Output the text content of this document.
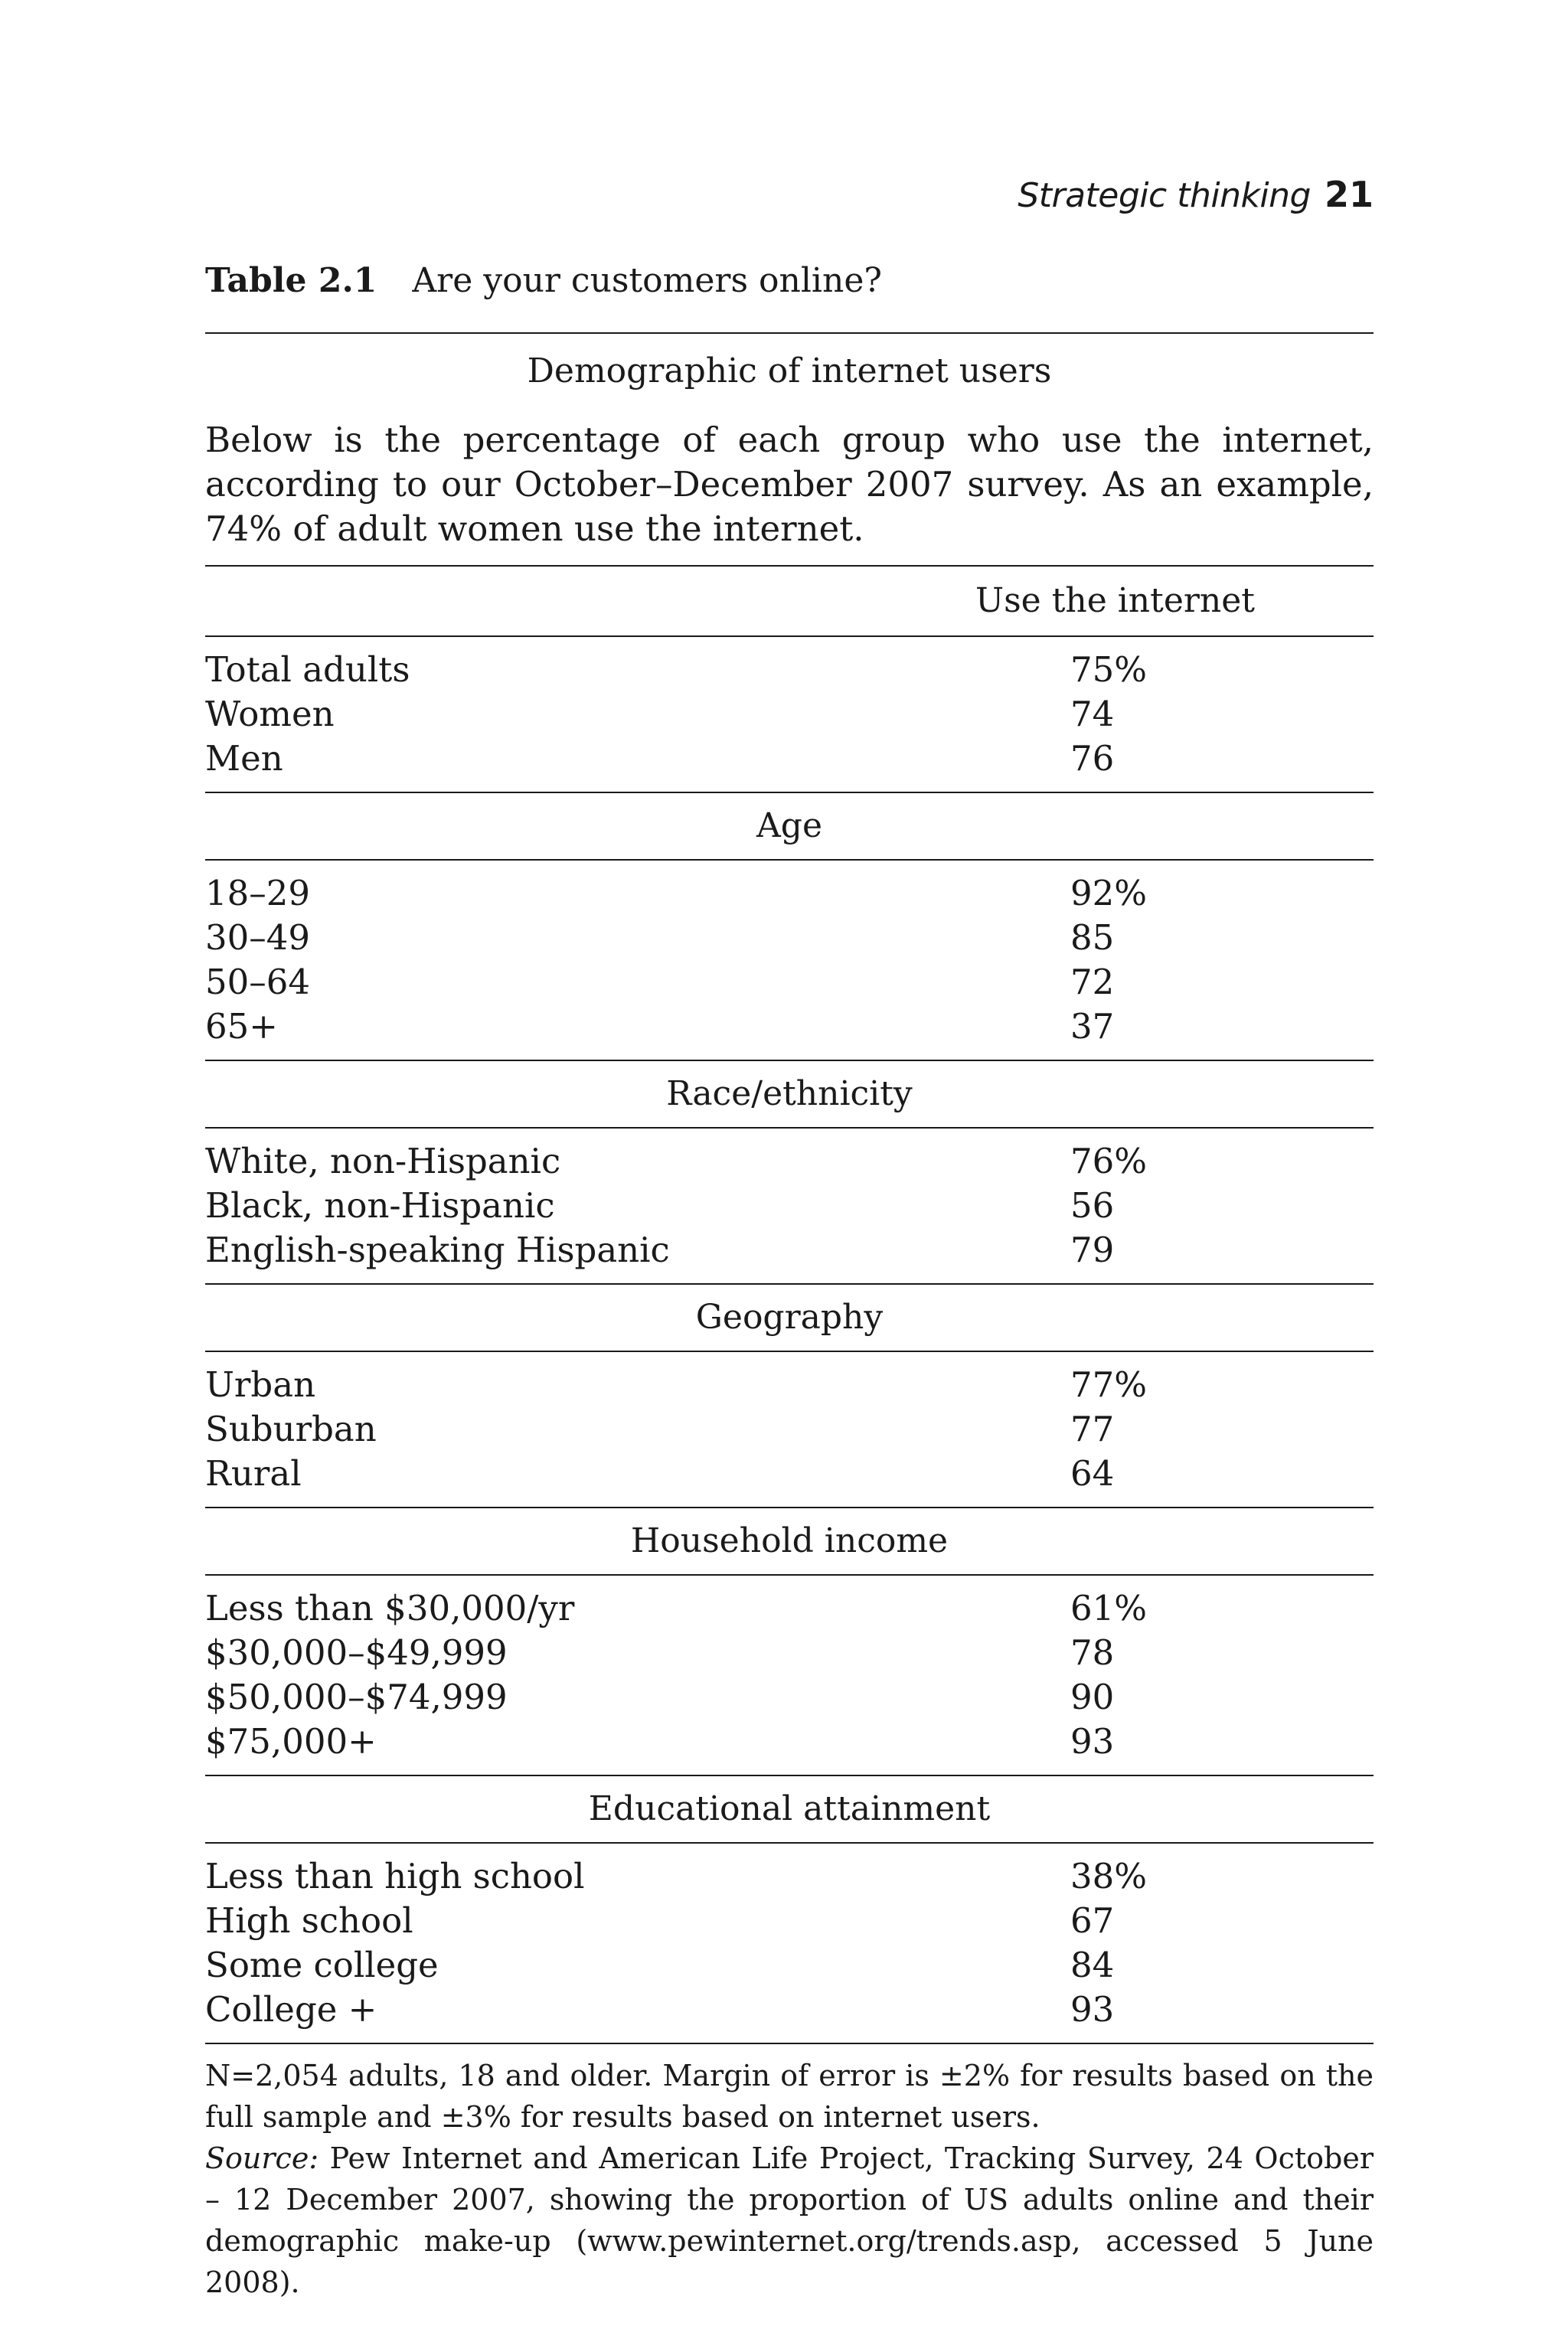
Strategic thinking 21
Table 2.1 Are your customers online?
Demographic of internet users
Below is the percentage of each group who use the internet, according to our October–December 2007 survey. As an example, 74% of adult women use the internet.
Use the internet
Total adults	75%
Women	74
Men	76
Age
18–29	92%
30–49	85
50–64	72
65+	37
Race/ethnicity
White, non-Hispanic	76%
Black, non-Hispanic	56
English-speaking Hispanic	79
Geography
Urban	77%
Suburban	77
Rural	64
Household income
Less than $30,000/yr	61%
$30,000–$49,999	78
$50,000–$74,999	90
$75,000+	93
Educational attainment
Less than high school	38%
High school	67
Some college	84
College +	93
N=2,054 adults, 18 and older. Margin of error is ±2% for results based on the full sample and ±3% for results based on internet users.
Source: Pew Internet and American Life Project, Tracking Survey, 24 October – 12 December 2007, showing the proportion of US adults online and their demographic make-up (www.pewinternet.org/trends.asp, accessed 5 June 2008).
